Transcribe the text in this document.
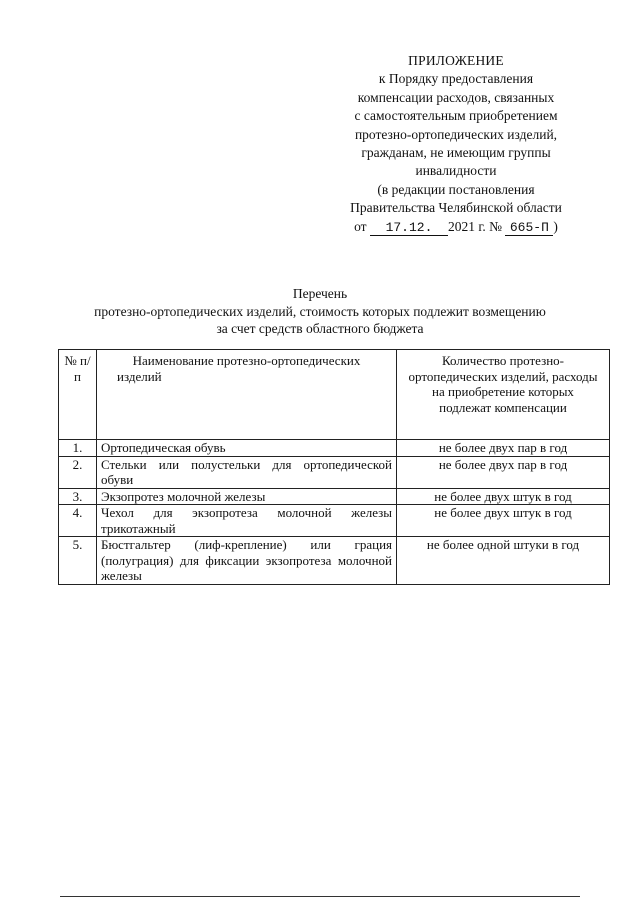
ПРИЛОЖЕНИЕ
к Порядку предоставления
компенсации расходов, связанных
с самостоятельным приобретением
протезно-ортопедических изделий,
гражданам, не имеющим группы
инвалидности
(в редакции постановления
Правительства Челябинской области
от 17.12. 2021 г. № 665-П )
Перечень
протезно-ортопедических изделий, стоимость которых подлежит возмещению
за счет средств областного бюджета
№ п/п	Наименование протезно-ортопедических изделий	Количество протезно-ортопедических изделий, расходы на приобретение которых подлежат компенсации
1.	Ортопедическая обувь	не более двух пар в год
2.	Стельки или полустельки для ортопедической обуви	не более двух пар в год
3.	Экзопротез молочной железы	не более двух штук в год
4.	Чехол для экзопротеза молочной железы трикотажный	не более двух штук в год
5.	Бюстгальтер (лиф-крепление) или грация (полуграция) для фиксации экзопротеза молочной железы	не более одной штуки в год
